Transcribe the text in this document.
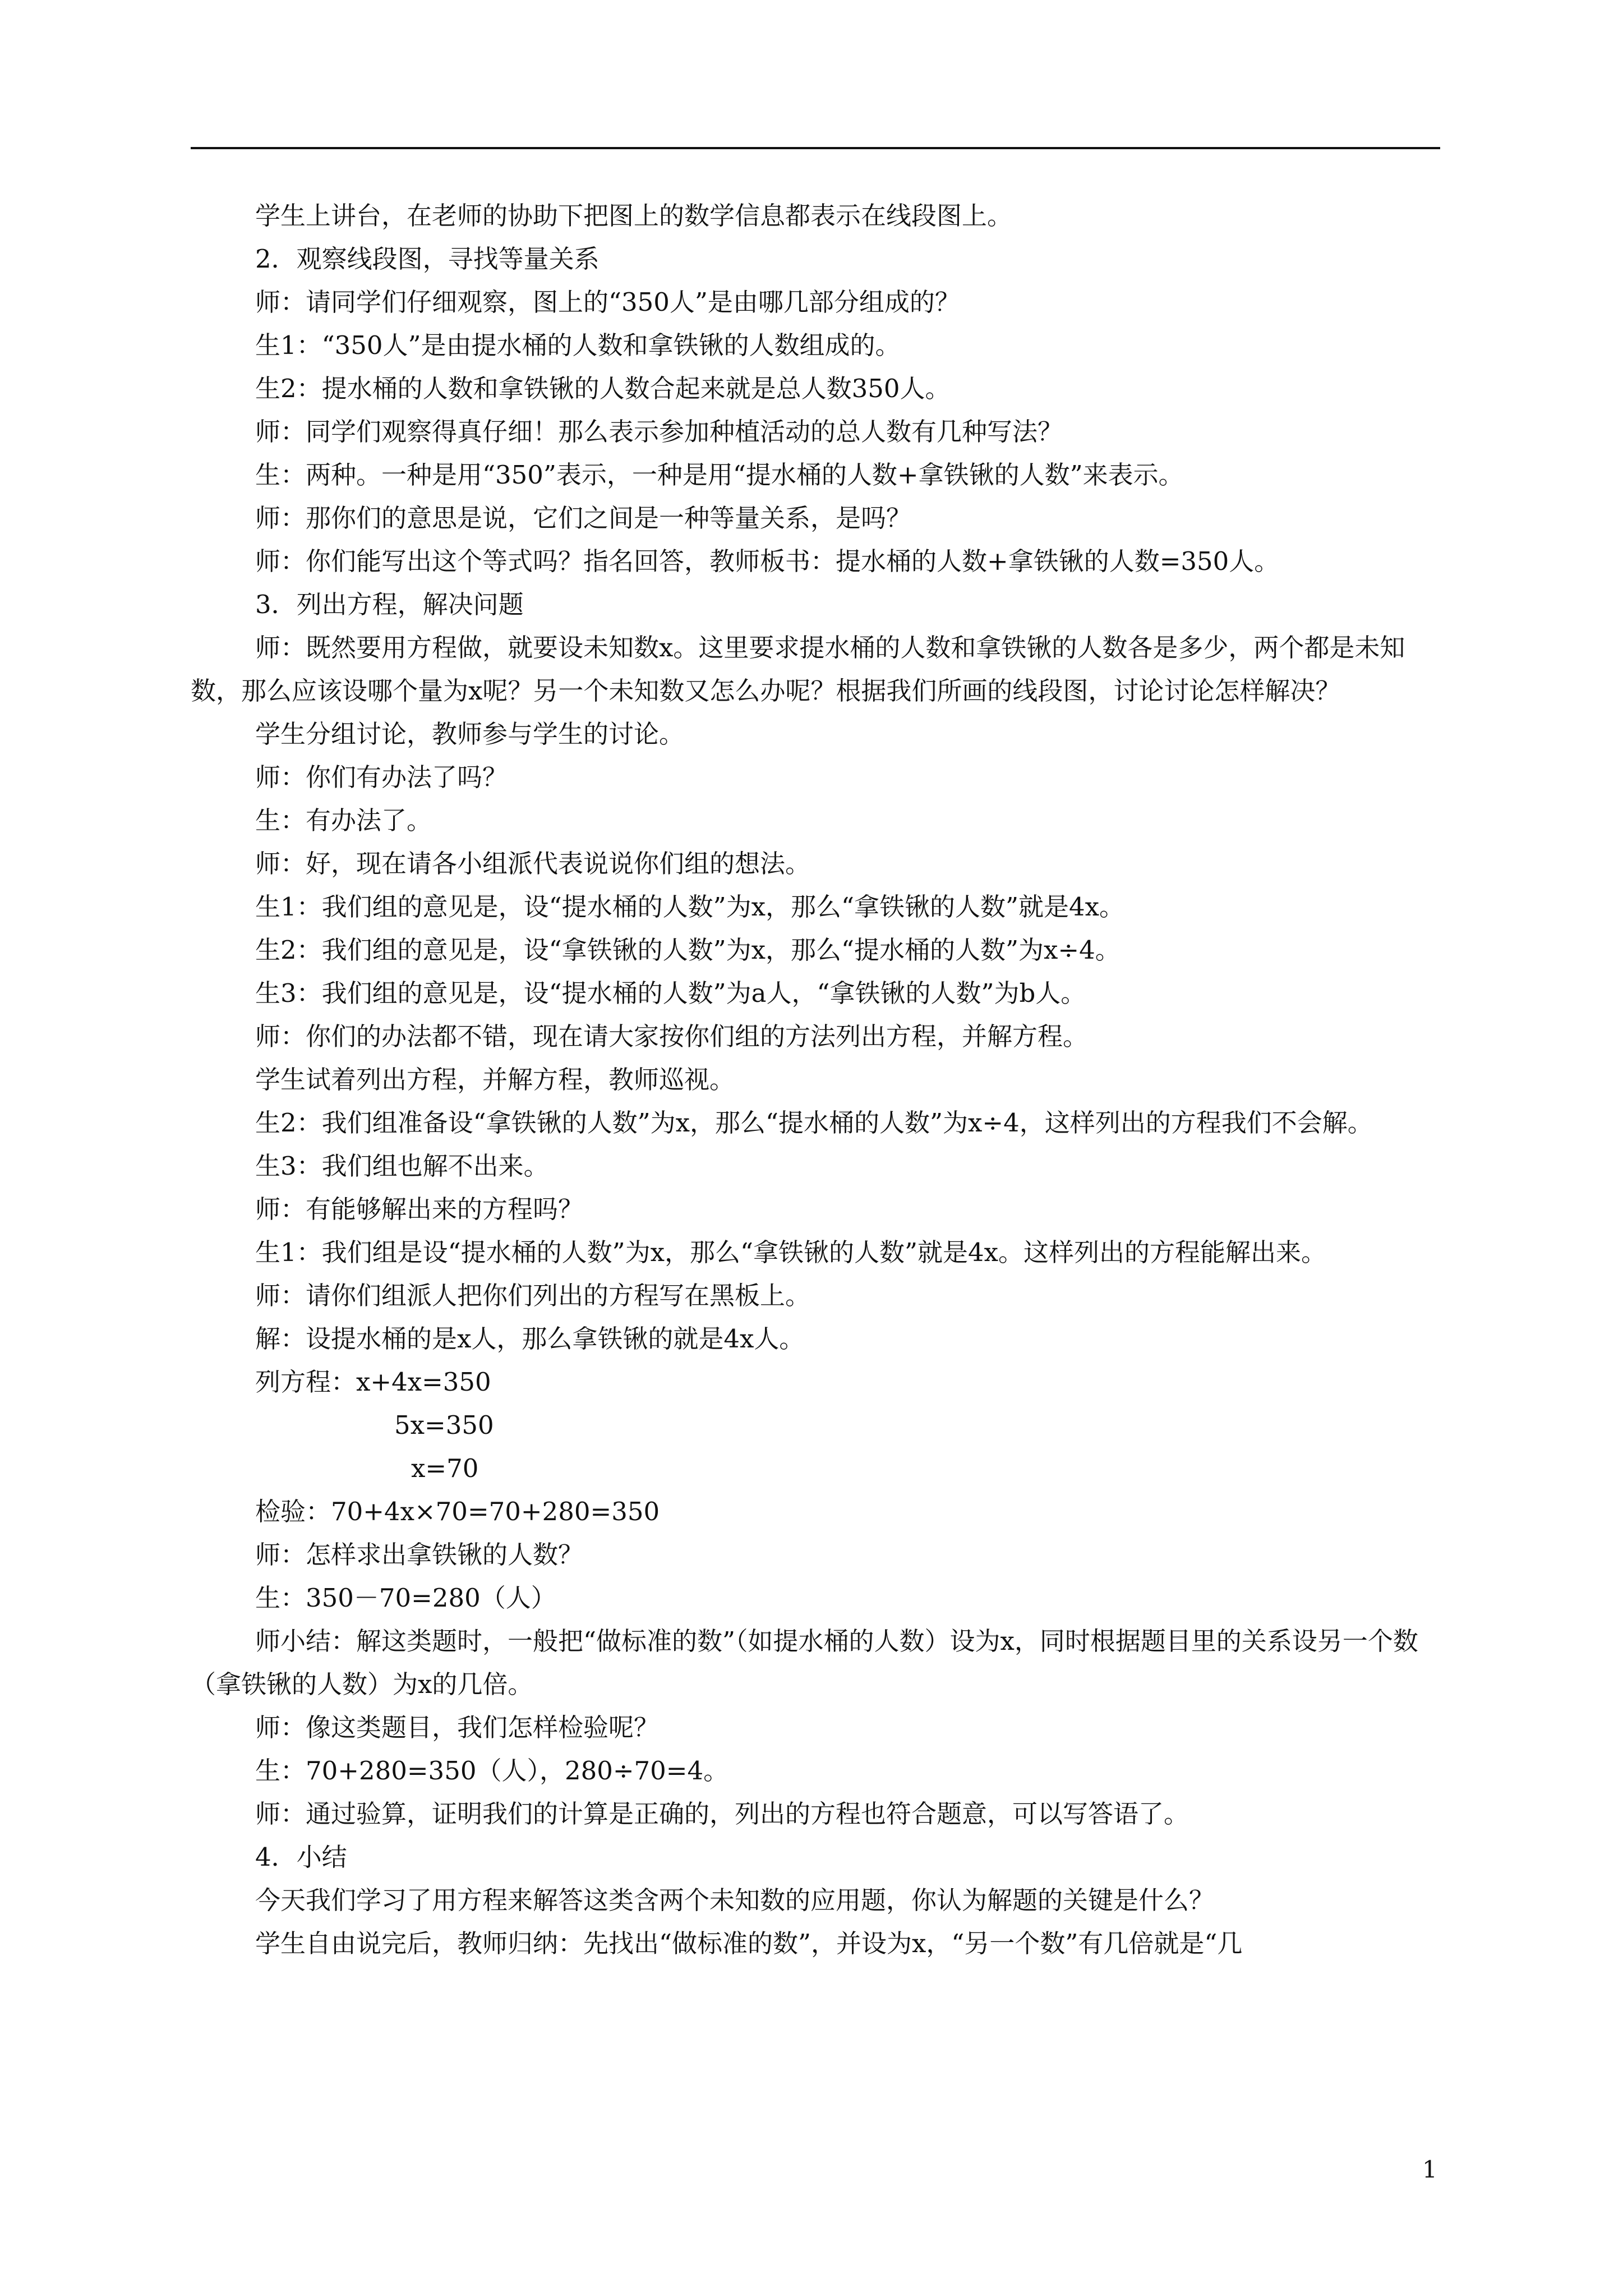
学生上讲台，在老师的协助下把图上的数学信息都表示在线段图上。

2．观察线段图，寻找等量关系

师：请同学们仔细观察，图上的“350人”是由哪几部分组成的？

生1：“350人”是由提水桶的人数和拿铁锹的人数组成的。

生2：提水桶的人数和拿铁锹的人数合起来就是总人数350人。

师：同学们观察得真仔细！那么表示参加种植活动的总人数有几种写法？

生：两种。一种是用“350”表示，一种是用“提水桶的人数+拿铁锹的人数”来表示。

师：那你们的意思是说，它们之间是一种等量关系，是吗？

师：你们能写出这个等式吗？指名回答，教师板书：提水桶的人数+拿铁锹的人数=350人。

3．列出方程，解决问题

师：既然要用方程做，就要设未知数x。这里要求提水桶的人数和拿铁锹的人数各是多少，两个都是未知数，那么应该设哪个量为x呢？另一个未知数又怎么办呢？根据我们所画的线段图，讨论讨论怎样解决？

学生分组讨论，教师参与学生的讨论。

师：你们有办法了吗？

生：有办法了。

师：好，现在请各小组派代表说说你们组的想法。

生1：我们组的意见是，设“提水桶的人数”为x，那么“拿铁锹的人数”就是4x。

生2：我们组的意见是，设“拿铁锹的人数”为x，那么“提水桶的人数”为x÷4。

生3：我们组的意见是，设“提水桶的人数”为a人，“拿铁锹的人数”为b人。

师：你们的办法都不错，现在请大家按你们组的方法列出方程，并解方程。

学生试着列出方程，并解方程，教师巡视。

生2：我们组准备设“拿铁锹的人数”为x，那么“提水桶的人数”为x÷4，这样列出的方程我们不会解。

生3：我们组也解不出来。

师：有能够解出来的方程吗？

生1：我们组是设“提水桶的人数”为x，那么“拿铁锹的人数”就是4x。这样列出的方程能解出来。

师：请你们组派人把你们列出的方程写在黑板上。

解：设提水桶的是x人，那么拿铁锹的就是4x人。

列方程：x+4x=350

5x=350

x=70

检验：70+4x×70=70+280=350

师：怎样求出拿铁锹的人数？

生：350－70=280（人）

师小结：解这类题时，一般把“做标准的数”（如提水桶的人数）设为x，同时根据题目里的关系设另一个数（拿铁锹的人数）为x的几倍。

师：像这类题目，我们怎样检验呢？

生：70+280=350（人），280÷70=4。

师：通过验算，证明我们的计算是正确的，列出的方程也符合题意，可以写答语了。

4．小结

今天我们学习了用方程来解答这类含两个未知数的应用题，你认为解题的关键是什么？

学生自由说完后，教师归纳：先找出“做标准的数”，并设为x，“另一个数”有几倍就是“几

1
